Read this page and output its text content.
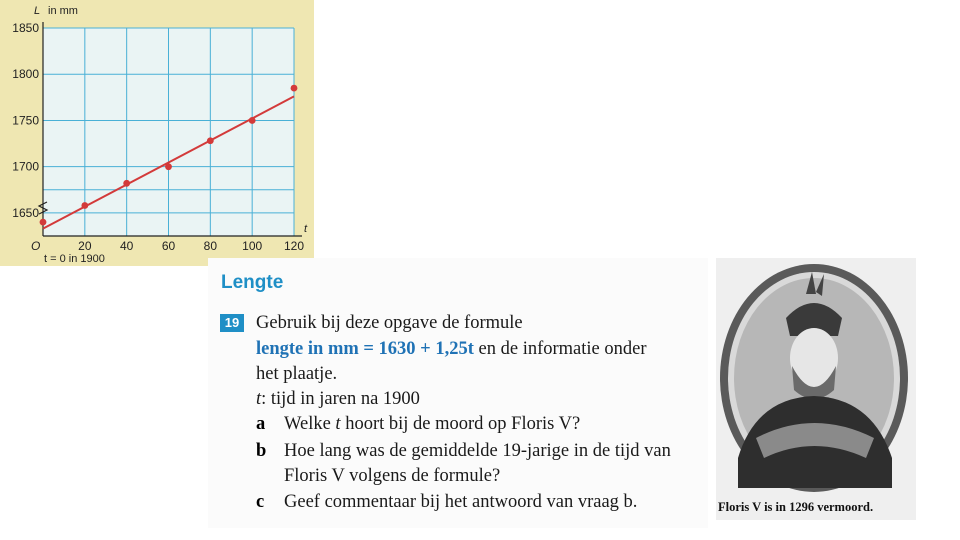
1650
1700
1750
1800
1850
20 40 60 80 100 120
O
L in mm
t
t = 0 in 1900
Lengte
19 Gebruik bij deze opgave de formule
lengte in mm = 1630 + 1,25t en de informatie onder
het plaatje.
t: tijd in jaren na 1900
a Welke t hoort bij de moord op Floris V?
b Hoe lang was de gemiddelde 19-jarige in de tijd van
Floris V volgens de formule?
c Geef commentaar bij het antwoord van vraag b.	Floris V is in 1296 vermoord.
